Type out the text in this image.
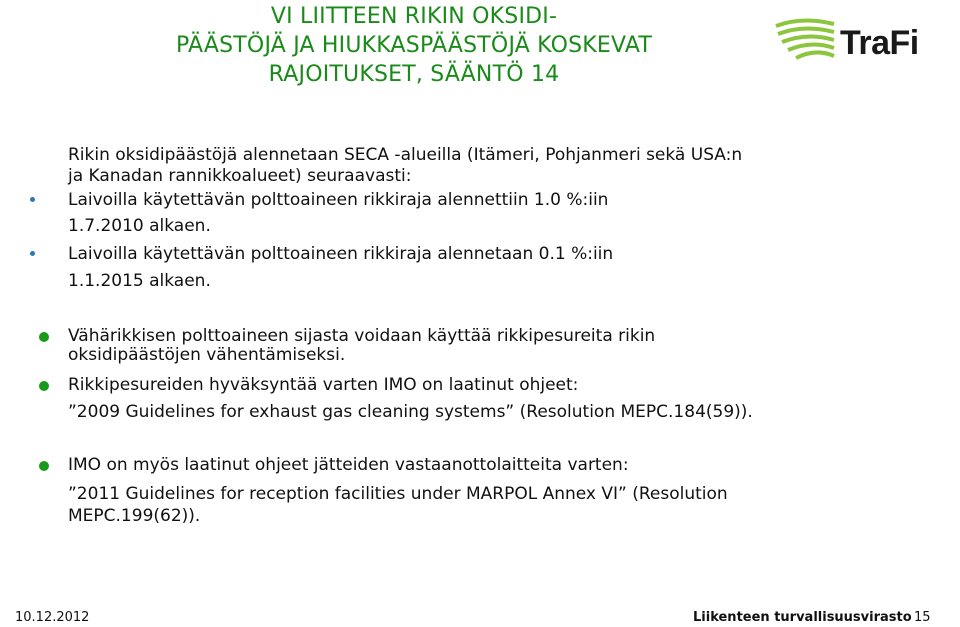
VI LIITTEEN RIKIN OKSIDI-
PÄÄSTÖJÄ JA HIUKKASPÄÄSTÖJÄ KOSKEVAT
RAJOITUKSET, SÄÄNTÖ 14
TraFi
Rikin oksidipäästöjä alennetaan SECA -alueilla (Itämeri, Pohjanmeri sekä USA:n
ja Kanadan rannikkoalueet) seuraavasti:
Laivoilla käytettävän polttoaineen rikkiraja alennettiin 1.0 %:iin
1.7.2010 alkaen.
Laivoilla käytettävän polttoaineen rikkiraja alennetaan 0.1 %:iin
1.1.2015 alkaen.
Vähärikkisen polttoaineen sijasta voidaan käyttää rikkipesureita rikin
oksidipäästöjen vähentämiseksi.
Rikkipesureiden hyväksyntää varten IMO on laatinut ohjeet:
”2009 Guidelines for exhaust gas cleaning systems” (Resolution MEPC.184(59)).
IMO on myös laatinut ohjeet jätteiden vastaanottolaitteita varten:
”2011 Guidelines for reception facilities under MARPOL Annex VI” (Resolution
MEPC.199(62)).
10.12.2012	Liikenteen turvallisuusvirasto 15
